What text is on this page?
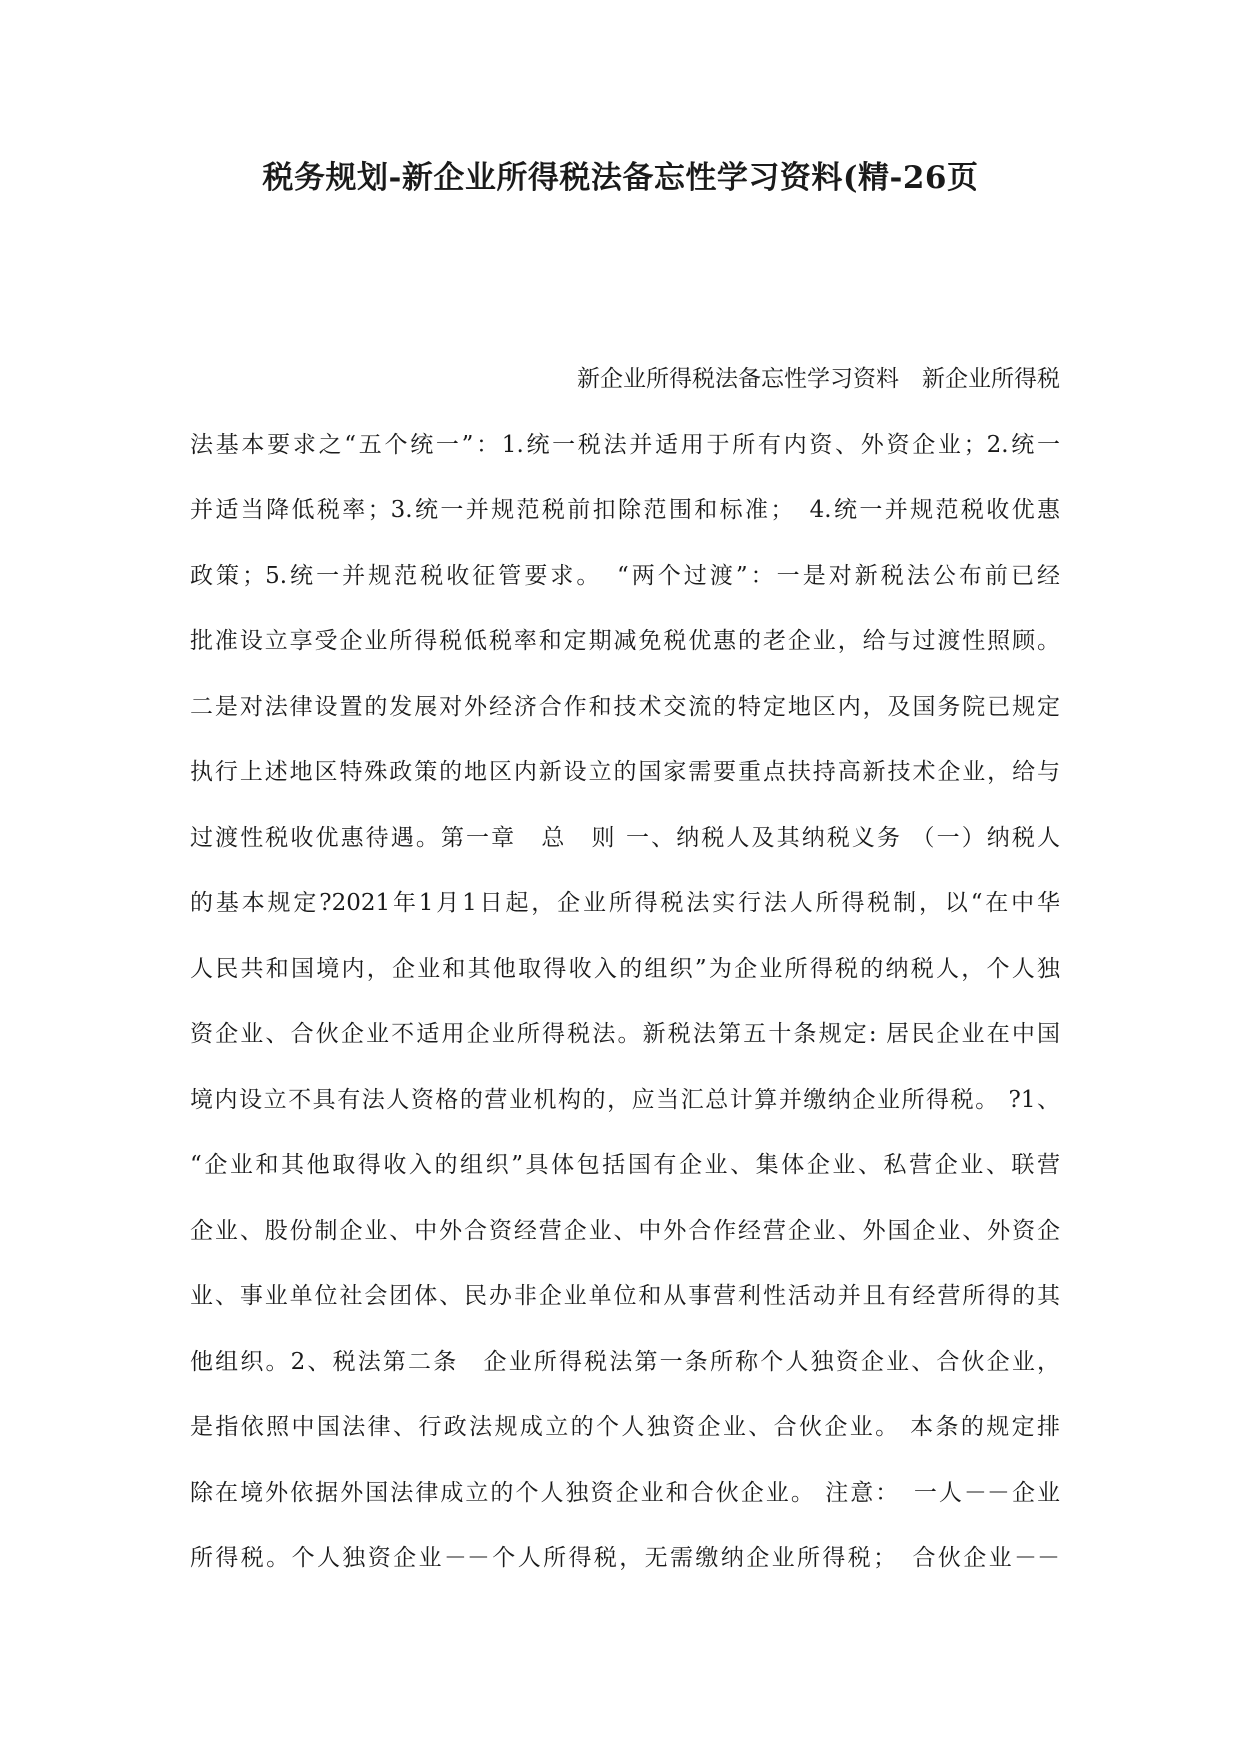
税务规划-新企业所得税法备忘性学习资料(精-26页
新企业所得税法备忘性学习资料　新企业所得税
法基本要求之“五个统一”：1.统一税法并适用于所有内资、外资企业；2.统一
并适当降低税率；3.统一并规范税前扣除范围和标准；　4.统一并规范税收优惠
政策；5.统一并规范税收征管要求。　“两个过渡”：一是对新税法公布前已经
批准设立享受企业所得税低税率和定期减免税优惠的老企业，给与过渡性照顾。
二是对法律设置的发展对外经济合作和技术交流的特定地区内，及国务院已规定
执行上述地区特殊政策的地区内新设立的国家需要重点扶持高新技术企业，给与
过渡性税收优惠待遇。第一章　总　则 一、纳税人及其纳税义务 （一）纳税人
的基本规定?2021年1月1日起，企业所得税法实行法人所得税制，以“在中华
人民共和国境内，企业和其他取得收入的组织”为企业所得税的纳税人，个人独
资企业、合伙企业不适用企业所得税法。新税法第五十条规定: 居民企业在中国
境内设立不具有法人资格的营业机构的，应当汇总计算并缴纳企业所得税。 ?1、
“企业和其他取得收入的组织”具体包括国有企业、集体企业、私营企业、联营
企业、股份制企业、中外合资经营企业、中外合作经营企业、外国企业、外资企
业、事业单位社会团体、民办非企业单位和从事营利性活动并且有经营所得的其
他组织。2、税法第二条　企业所得税法第一条所称个人独资企业、合伙企业，
是指依照中国法律、行政法规成立的个人独资企业、合伙企业。 本条的规定排
除在境外依据外国法律成立的个人独资企业和合伙企业。 注意：　一人－－企业
所得税。个人独资企业－－个人所得税，无需缴纳企业所得税；　合伙企业－－
